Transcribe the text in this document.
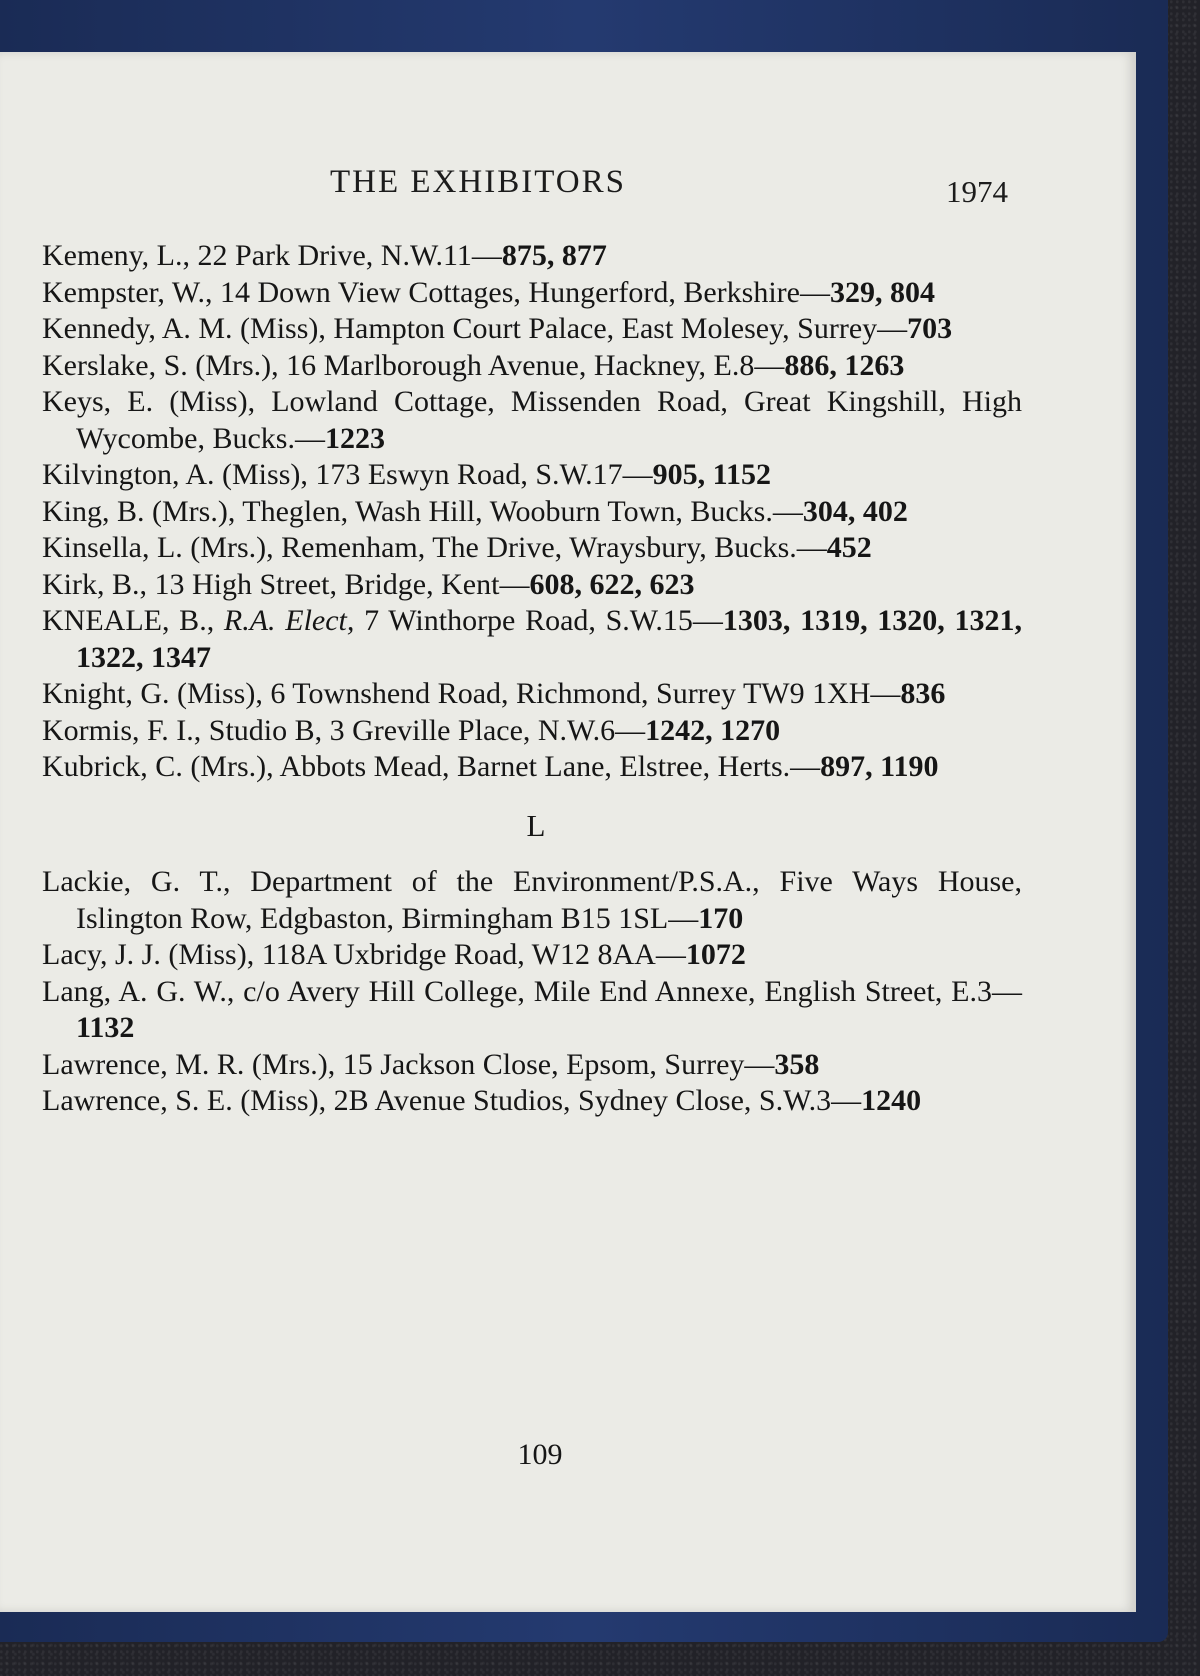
THE EXHIBITORS	1974
Kemeny, L., 22 Park Drive, N.W.11—875, 877
Kempster, W., 14 Down View Cottages, Hungerford, Berkshire—329, 804
Kennedy, A. M. (Miss), Hampton Court Palace, East Molesey, Surrey—703
Kerslake, S. (Mrs.), 16 Marlborough Avenue, Hackney, E.8—886, 1263
Keys, E. (Miss), Lowland Cottage, Missenden Road, Great Kingshill, High Wycombe, Bucks.—1223
Kilvington, A. (Miss), 173 Eswyn Road, S.W.17—905, 1152
King, B. (Mrs.), Theglen, Wash Hill, Wooburn Town, Bucks.—304, 402
Kinsella, L. (Mrs.), Remenham, The Drive, Wraysbury, Bucks.—452
Kirk, B., 13 High Street, Bridge, Kent—608, 622, 623
KNEALE, B., R.A. Elect, 7 Winthorpe Road, S.W.15—1303, 1319, 1320, 1321, 1322, 1347
Knight, G. (Miss), 6 Townshend Road, Richmond, Surrey TW9 1XH—836
Kormis, F. I., Studio B, 3 Greville Place, N.W.6—1242, 1270
Kubrick, C. (Mrs.), Abbots Mead, Barnet Lane, Elstree, Herts.—897, 1190
L
Lackie, G. T., Department of the Environment/P.S.A., Five Ways House, Islington Row, Edgbaston, Birmingham B15 1SL—170
Lacy, J. J. (Miss), 118A Uxbridge Road, W12 8AA—1072
Lang, A. G. W., c/o Avery Hill College, Mile End Annexe, English Street, E.3—1132
Lawrence, M. R. (Mrs.), 15 Jackson Close, Epsom, Surrey—358
Lawrence, S. E. (Miss), 2B Avenue Studios, Sydney Close, S.W.3—1240
109
